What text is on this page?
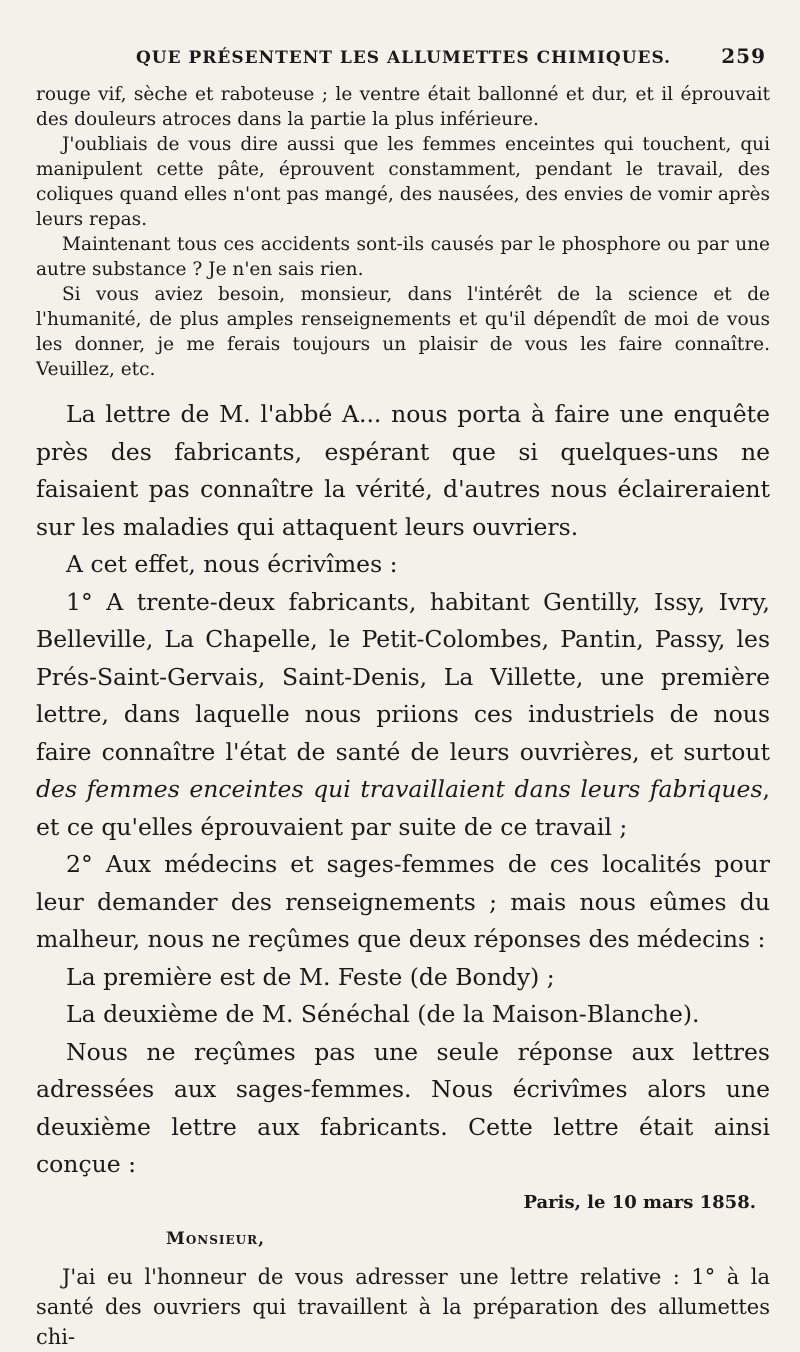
QUE PRÉSENTENT LES ALLUMETTES CHIMIQUES.	259

rouge vif, sèche et raboteuse ; le ventre était ballonné et dur, et il éprouvait des douleurs atroces dans la partie la plus inférieure.

J'oubliais de vous dire aussi que les femmes enceintes qui touchent, qui manipulent cette pâte, éprouvent constamment, pendant le travail, des coliques quand elles n'ont pas mangé, des nausées, des envies de vomir après leurs repas.

Maintenant tous ces accidents sont-ils causés par le phosphore ou par une autre substance ? Je n'en sais rien.

Si vous aviez besoin, monsieur, dans l'intérêt de la science et de l'humanité, de plus amples renseignements et qu'il dépendît de moi de vous les donner, je me ferais toujours un plaisir de vous les faire connaître. Veuillez, etc.

La lettre de M. l'abbé A... nous porta à faire une enquête près des fabricants, espérant que si quelques-uns ne faisaient pas connaître la vérité, d'autres nous éclaireraient sur les maladies qui attaquent leurs ouvriers.

A cet effet, nous écrivîmes :

1° A trente-deux fabricants, habitant Gentilly, Issy, Ivry, Belleville, La Chapelle, le Petit-Colombes, Pantin, Passy, les Prés-Saint-Gervais, Saint-Denis, La Villette, une première lettre, dans laquelle nous priions ces industriels de nous faire connaître l'état de santé de leurs ouvrières, et surtout des femmes enceintes qui travaillaient dans leurs fabriques, et ce qu'elles éprouvaient par suite de ce travail ;

2° Aux médecins et sages-femmes de ces localités pour leur demander des renseignements ; mais nous eûmes du malheur, nous ne reçûmes que deux réponses des médecins :

La première est de M. Feste (de Bondy) ;

La deuxième de M. Sénéchal (de la Maison-Blanche).

Nous ne reçûmes pas une seule réponse aux lettres adressées aux sages-femmes. Nous écrivîmes alors une deuxième lettre aux fabricants. Cette lettre était ainsi conçue :

Paris, le 10 mars 1858.
Monsieur,

J'ai eu l'honneur de vous adresser une lettre relative : 1° à la santé des ouvriers qui travaillent à la préparation des allumettes chi-
